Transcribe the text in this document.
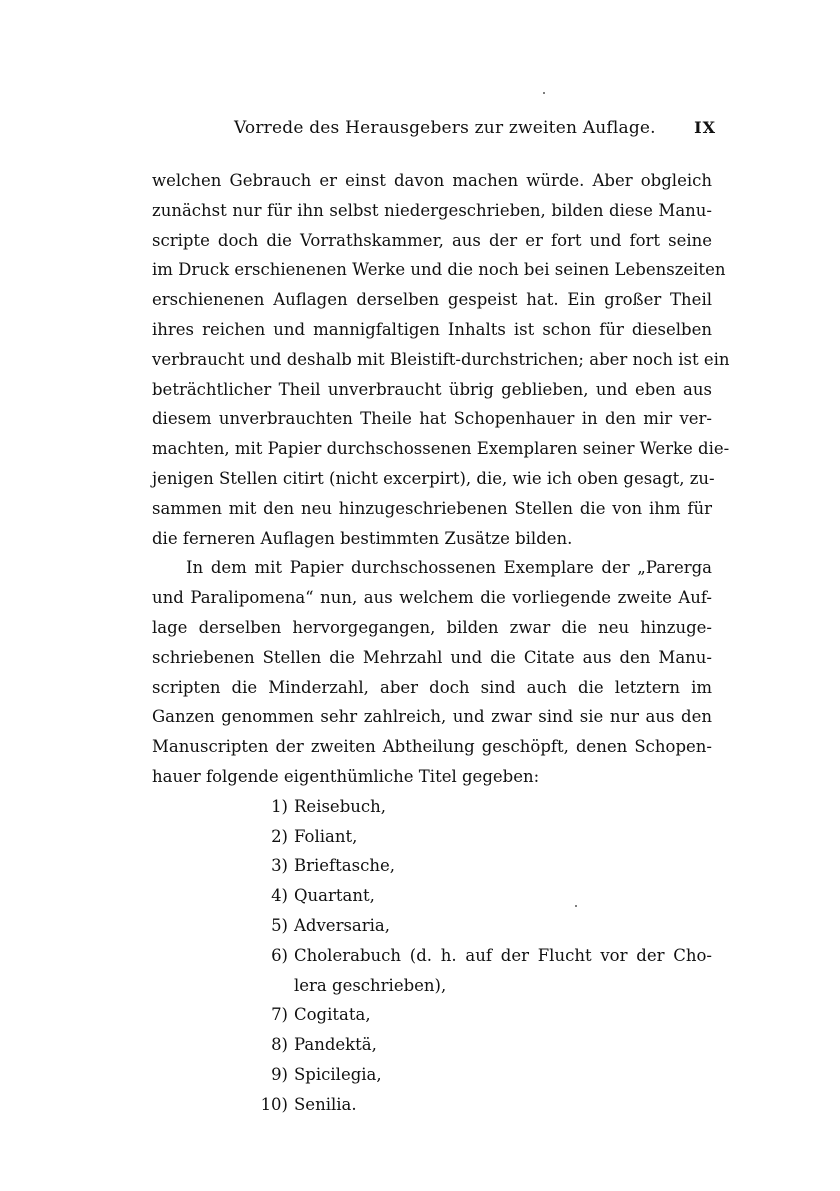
Vorrede des Herausgebers zur zweiten Auflage. IX
welchen Gebrauch er einst davon machen würde. Aber obgleich
zunächst nur für ihn selbst niedergeschrieben, bilden diese Manu-
scripte doch die Vorrathskammer, aus der er fort und fort seine
im Druck erschienenen Werke und die noch bei seinen Lebenszeiten
erschienenen Auflagen derselben gespeist hat. Ein großer Theil
ihres reichen und mannigfaltigen Inhalts ist schon für dieselben
verbraucht und deshalb mit Bleistift-durchstrichen; aber noch ist ein
beträchtlicher Theil unverbraucht übrig geblieben, und eben aus
diesem unverbrauchten Theile hat Schopenhauer in den mir ver-
machten, mit Papier durchschossenen Exemplaren seiner Werke die-
jenigen Stellen citirt (nicht excerpirt), die, wie ich oben gesagt, zu-
sammen mit den neu hinzugeschriebenen Stellen die von ihm für
die ferneren Auflagen bestimmten Zusätze bilden.
In dem mit Papier durchschossenen Exemplare der „Parerga
und Paralipomena“ nun, aus welchem die vorliegende zweite Auf-
lage derselben hervorgegangen, bilden zwar die neu hinzuge-
schriebenen Stellen die Mehrzahl und die Citate aus den Manu-
scripten die Minderzahl, aber doch sind auch die letztern im
Ganzen genommen sehr zahlreich, und zwar sind sie nur aus den
Manuscripten der zweiten Abtheilung geschöpft, denen Schopen-
hauer folgende eigenthümliche Titel gegeben:
1) Reisebuch,
2) Foliant,
3) Brieftasche,
4) Quartant,
5) Adversaria,
6) Cholerabuch (d. h. auf der Flucht vor der Cho-
lera geschrieben),
7) Cogitata,
8) Pandektä,
9) Spicilegia,
10) Senilia.
